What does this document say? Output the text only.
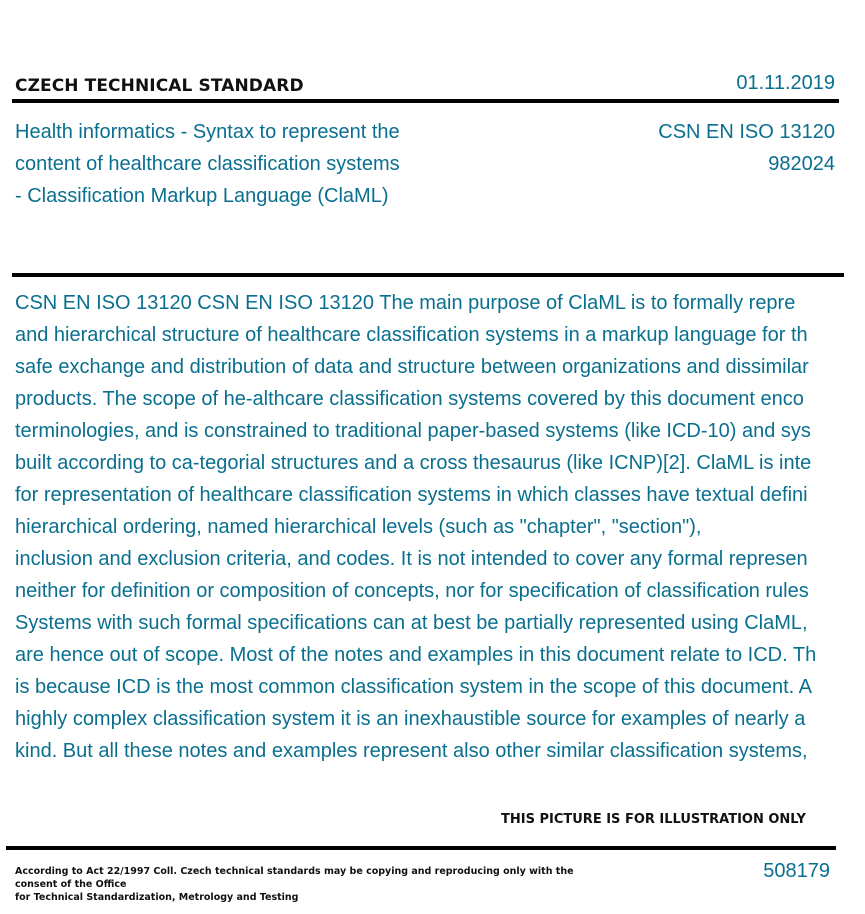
CZECH TECHNICAL STANDARD	01.11.2019
Health informatics - Syntax to represent the
content of healthcare classification systems
- Classification Markup Language (ClaML)
CSN EN ISO 13120
982024
CSN EN ISO 13120 CSN EN ISO 13120 The main purpose of ClaML is to formally repre
and hierarchical structure of healthcare classification systems in a markup language for th
safe exchange and distribution of data and structure between organizations and dissimilar
products. The scope of he-althcare classification systems covered by this document enco
terminologies, and is constrained to traditional paper-based systems (like ICD-10) and sys
built according to ca-tegorial structures and a cross thesaurus (like ICNP)[2]. ClaML is inte
for representation of healthcare classification systems in which classes have textual defini
hierarchical ordering, named hierarchical levels (such as "chapter", "section"),
inclusion and exclusion criteria, and codes. It is not intended to cover any formal represen
neither for definition or composition of concepts, nor for specification of classification rules
Systems with such formal specifications can at best be partially represented using ClaML,
are hence out of scope. Most of the notes and examples in this document relate to ICD. Th
is because ICD is the most common classification system in the scope of this document. A
highly complex classification system it is an inexhaustible source for examples of nearly a
kind. But all these notes and examples represent also other similar classification systems,
THIS PICTURE IS FOR ILLUSTRATION ONLY
According to Act 22/1997 Coll. Czech technical standards may be copying and reproducing only with the consent of the Office
for Technical Standardization, Metrology and Testing
508179
